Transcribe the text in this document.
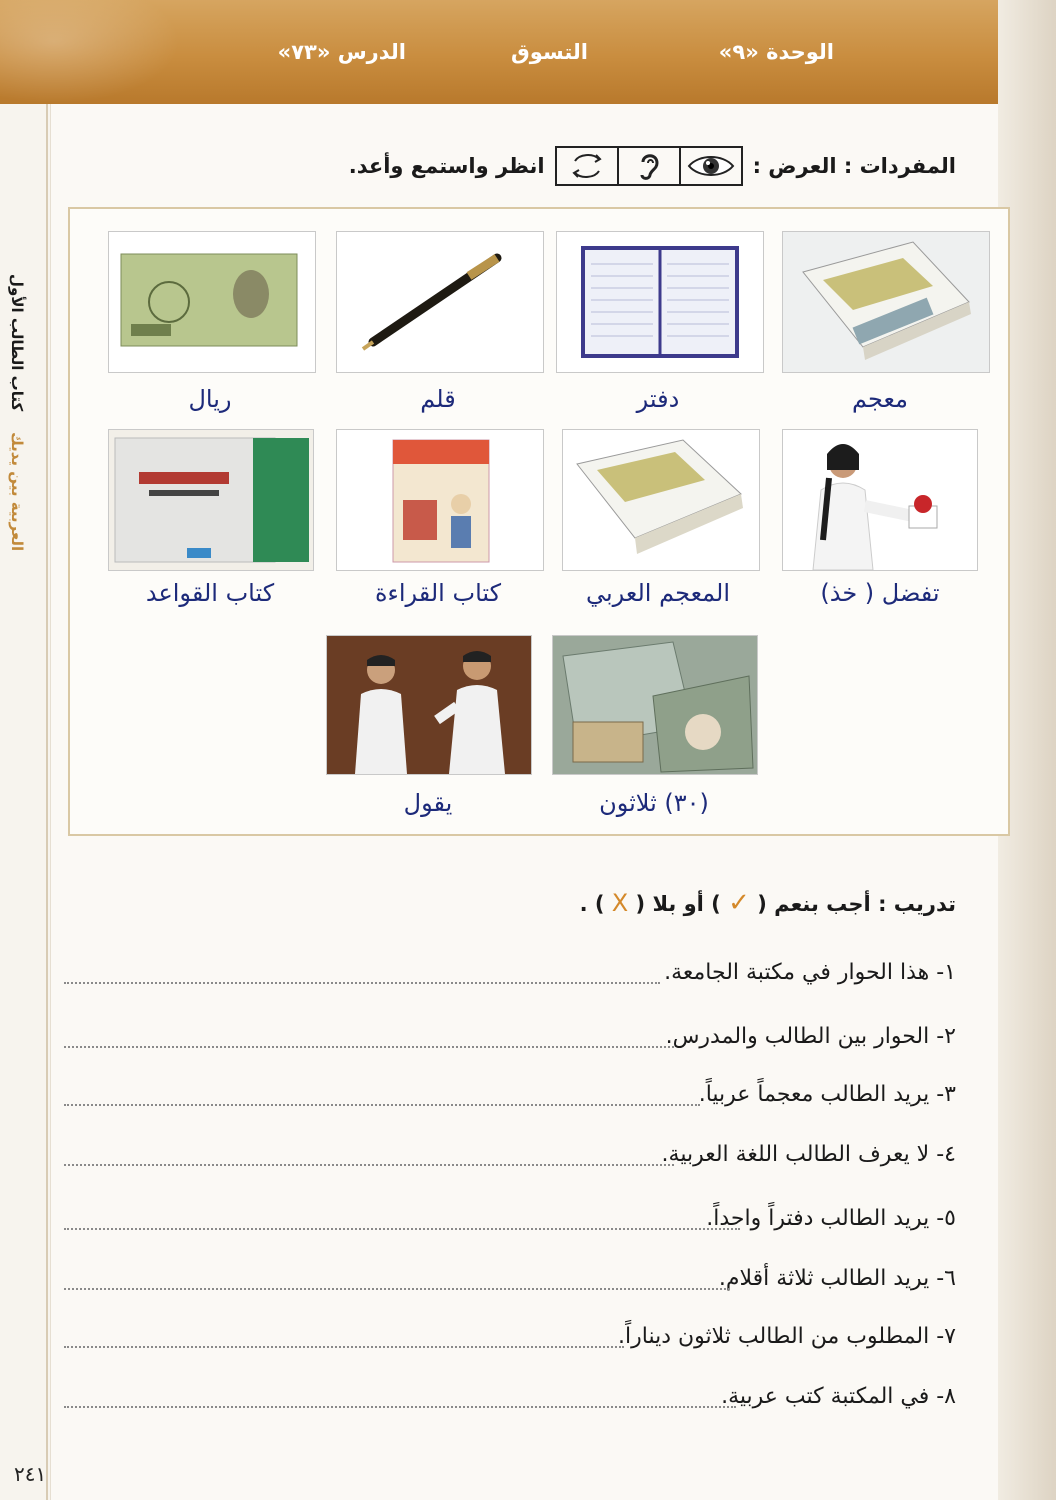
الوحدة «٩»
التسوق
الدرس «٧٣»
العربية بين يديك    كتاب الطالب الأول
المفردات : العرض :
انظر واستمع وأعد.
معجم
دفتر
قلم
ريال
تفضل ( خذ)
المعجم العربي
كتاب القراءة
كتاب القواعد
(٣٠) ثلاثون
يقول
تدريب : أجب بنعم ( ✓ ) أو بلا ( X ) .
١- هذا الحوار في مكتبة الجامعة.
٢- الحوار بين الطالب والمدرس.
٣- يريد الطالب معجماً عربياً.
٤- لا يعرف الطالب اللغة العربية.
٥- يريد الطالب دفتراً واحداً.
٦- يريد الطالب ثلاثة أقلام.
٧- المطلوب من الطالب ثلاثون ديناراً.
٨- في المكتبة كتب عربية.
٢٤١
